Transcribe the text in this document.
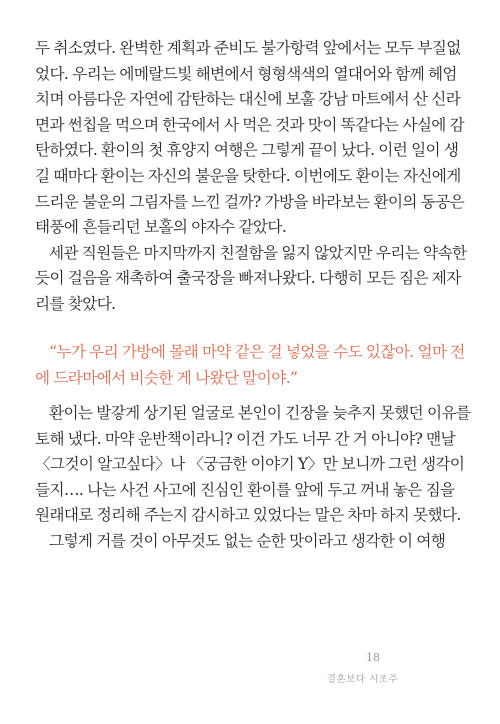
두 취소였다. 완벽한 계획과 준비도 불가항력 앞에서는 모두 부질없었다. 우리는 에메랄드빛 해변에서 형형색색의 열대어와 함께 헤엄치며 아름다운 자연에 감탄하는 대신에 보훌 강남 마트에서 산 신라면과 썬칩을 먹으며 한국에서 사 먹은 것과 맛이 똑같다는 사실에 감탄하였다. 환이의 첫 휴양지 여행은 그렇게 끝이 났다. 이런 일이 생길 때마다 환이는 자신의 불운을 탓한다. 이번에도 환이는 자신에게 드리운 불운의 그림자를 느낀 걸까? 가방을 바라보는 환이의 동공은 태풍에 흔들리던 보홀의 야자수 같았다.

세관 직원들은 마지막까지 친절함을 잃지 않았지만 우리는 약속한 듯이 걸음을 재촉하여 출국장을 빠져나왔다. 다행히 모든 짐은 제자리를 찾았다.

“누가 우리 가방에 몰래 마약 같은 걸 넣었을 수도 있잖아. 얼마 전에 드라마에서 비슷한 게 나왔단 말이야.”

환이는 발갛게 상기된 얼굴로 본인이 긴장을 늦추지 못했던 이유를 토해 냈다. 마약 운반책이라니? 이건 가도 너무 간 거 아니야? 맨날 〈그것이 알고싶다〉나 〈궁금한 이야기 Y〉만 보니까 그런 생각이 들지…. 나는 사건 사고에 진심인 환이를 앞에 두고 꺼내 놓은 짐을 원래대로 정리해 주는지 감시하고 있었다는 말은 차마 하지 못했다.

그렇게 거를 것이 아무것도 없는 순한 맛이라고 생각한 이 여행

18
결혼보다 시조주
